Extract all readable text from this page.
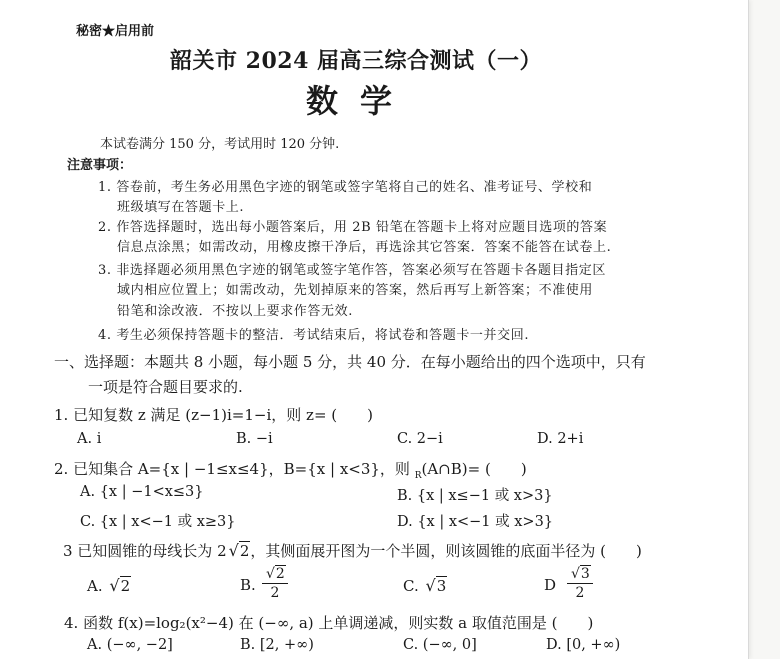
秘密★启用前
韶关市 2024 届高三综合测试（一）
数学
本试卷满分 150 分，考试用时 120 分钟.
注意事项：
1. 答卷前，考生务必用黑色字迹的钢笔或签字笔将自己的姓名、准考证号、学校和
班级填写在答题卡上.
2. 作答选择题时，选出每小题答案后，用 2B 铅笔在答题卡上将对应题目选项的答案
信息点涂黑；如需改动，用橡皮擦干净后，再选涂其它答案．答案不能答在试卷上.
3. 非选择题必须用黑色字迹的钢笔或签字笔作答，答案必须写在答题卡各题目指定区
域内相应位置上；如需改动，先划掉原来的答案，然后再写上新答案；不准使用
铅笔和涂改液．不按以上要求作答无效.
4. 考生必须保持答题卡的整洁．考试结束后，将试卷和答题卡一并交回.
一、选择题：本题共 8 小题，每小题 5 分，共 40 分．在每小题给出的四个选项中，只有
一项是符合题目要求的.
1. 已知复数 z 满足 (z−1)i=1−i，则 z= (　　)
A. i	B. −i	C. 2−i	D. 2+i
2. 已知集合 A={x | −1≤x≤4}，B={x | x<3}，则 $_R$(A∩B)= (　　)
A. {x | −1<x≤3}	B. {x | x≤−1 或 x>3}
C. {x | x<−1 或 x≥3}	D. {x | x<−1 或 x>3}
3 已知圆锥的母线长为 2 √2，其侧面展开图为一个半圆，则该圆锥的底面半径为 (　　)
A. √2	B. $\frac{√2}{2}$	C. √3	D $\frac{√3}{2}$
4. 函数 f(x)=log₂(x²−4) 在 (−∞, a) 上单调递减，则实数 a 取值范围是 (　　)
A. (−∞, −2]	B. [2, +∞)	C. (−∞, 0]	D. [0, +∞)
